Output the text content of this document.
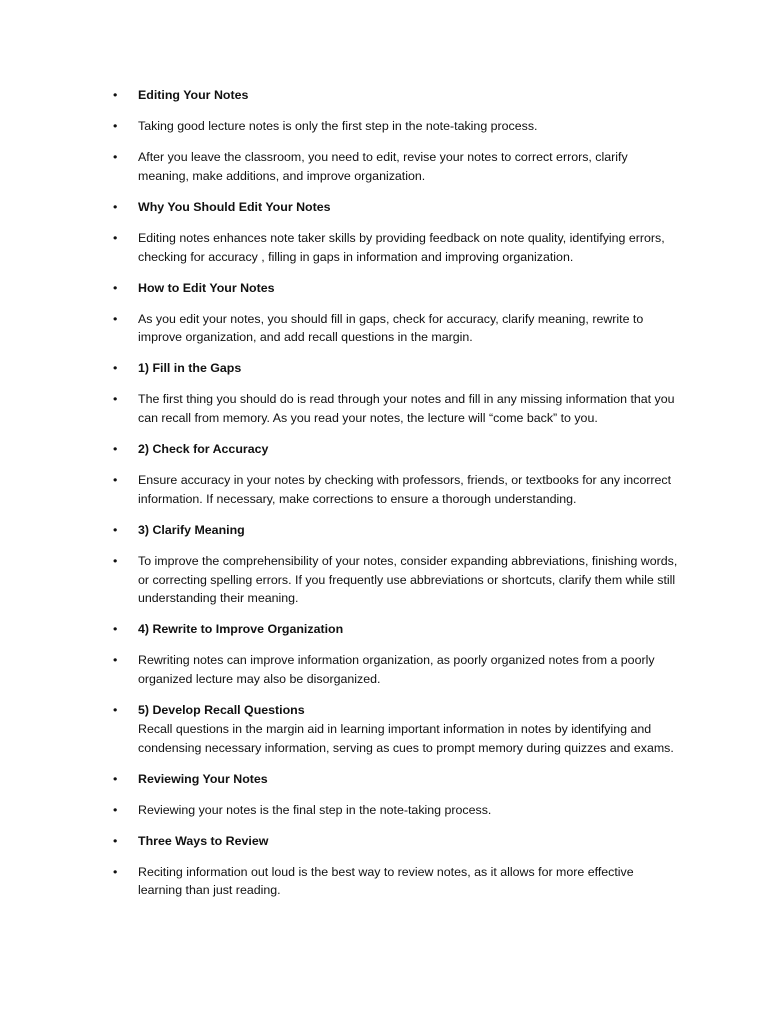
•	Editing Your Notes
•	Taking good lecture notes is only the first step in the note-taking process.
•	After you leave the classroom, you need to edit, revise your notes to correct errors, clarify meaning, make additions, and improve organization.
•	Why You Should Edit Your Notes
•	Editing notes enhances note taker skills by providing feedback on note quality, identifying errors, checking for accuracy , filling in gaps in information and improving organization.
•	How to Edit Your Notes
•	As you edit your notes, you should fill in gaps, check for accuracy, clarify meaning, rewrite to improve organization, and add recall questions in the margin.
•	1) Fill in the Gaps
•	The first thing you should do is read through your notes and fill in any missing information that you can recall from memory. As you read your notes, the lecture will “come back” to you.
•	2) Check for Accuracy
•	Ensure accuracy in your notes by checking with professors, friends, or textbooks for any incorrect information. If necessary, make corrections to ensure a thorough understanding.
•	3) Clarify Meaning
•	To improve the comprehensibility of your notes, consider expanding abbreviations, finishing words, or correcting spelling errors. If you frequently use abbreviations or shortcuts, clarify them while still understanding their meaning.
•	4) Rewrite to Improve Organization
•	Rewriting notes can improve information organization, as poorly organized notes from a poorly organized lecture may also be disorganized.
•	5) Develop Recall Questions
Recall questions in the margin aid in learning important information in notes by identifying and condensing necessary information, serving as cues to prompt memory during quizzes and exams.
•	Reviewing Your Notes
•	Reviewing your notes is the final step in the note-taking process.
•	Three Ways to Review
•	Reciting information out loud is the best way to review notes, as it allows for more effective learning than just reading.
